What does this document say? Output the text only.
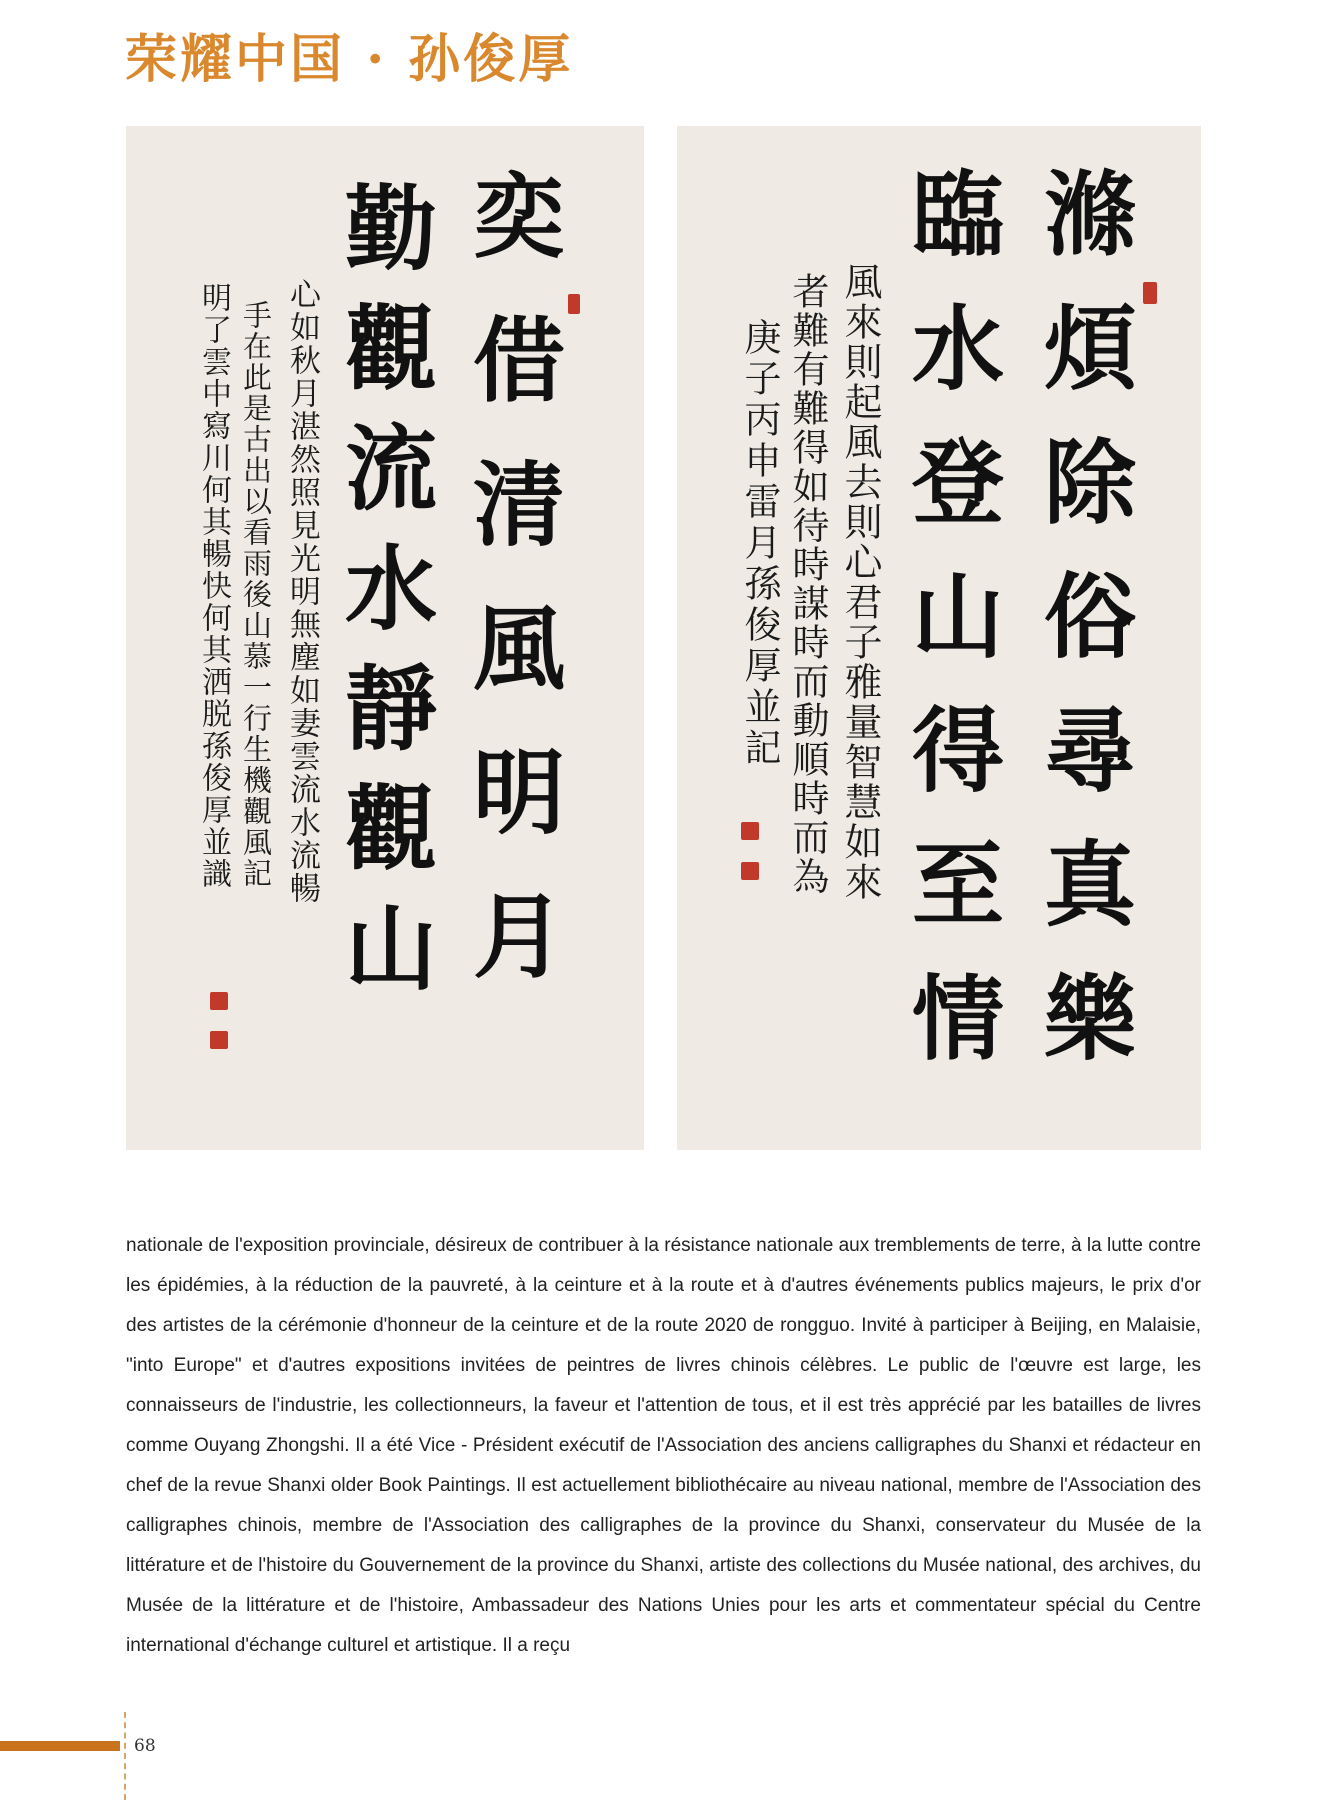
荣耀中国 · 孙俊厚
奕借清風明月
勤觀流水靜觀山
心如秋月湛然照見光明無塵如妻雲流水流暢
手在此是古出以看雨後山慕一行生機觀風記
明了雲中寫川何其暢快何其洒脱孫俊厚並識	滌煩除俗尋真樂
臨水登山得至情
風來則起風去則心君子雅量智慧如來
者難有難得如待時謀時而動順時而為
庚子丙申雷月孫俊厚並記

nationale de l'exposition provinciale, désireux de contribuer à la résistance nationale aux tremblements de terre, à la lutte contre les épidémies, à la réduction de la pauvreté, à la ceinture et à la route et à d'autres événements publics majeurs, le prix d'or des artistes de la cérémonie d'honneur de la ceinture et de la route 2020 de rongguo. Invité à participer à Beijing, en Malaisie, "into Europe" et d'autres expositions invitées de peintres de livres chinois célèbres. Le public de l'œuvre est large, les connaisseurs de l'industrie, les collectionneurs, la faveur et l'attention de tous, et il est très apprécié par les batailles de livres comme Ouyang Zhongshi. Il a été Vice - Président exécutif de l'Association des anciens calligraphes du Shanxi et rédacteur en chef de la revue Shanxi older Book Paintings. Il est actuellement bibliothécaire au niveau national, membre de l'Association des calligraphes chinois, membre de l'Association des calligraphes de la province du Shanxi, conservateur du Musée de la littérature et de l'histoire du Gouvernement de la province du Shanxi, artiste des collections du Musée national, des archives, du Musée de la littérature et de l'histoire, Ambassadeur des Nations Unies pour les arts et commentateur spécial du Centre international d'échange culturel et artistique. Il a reçu

68
